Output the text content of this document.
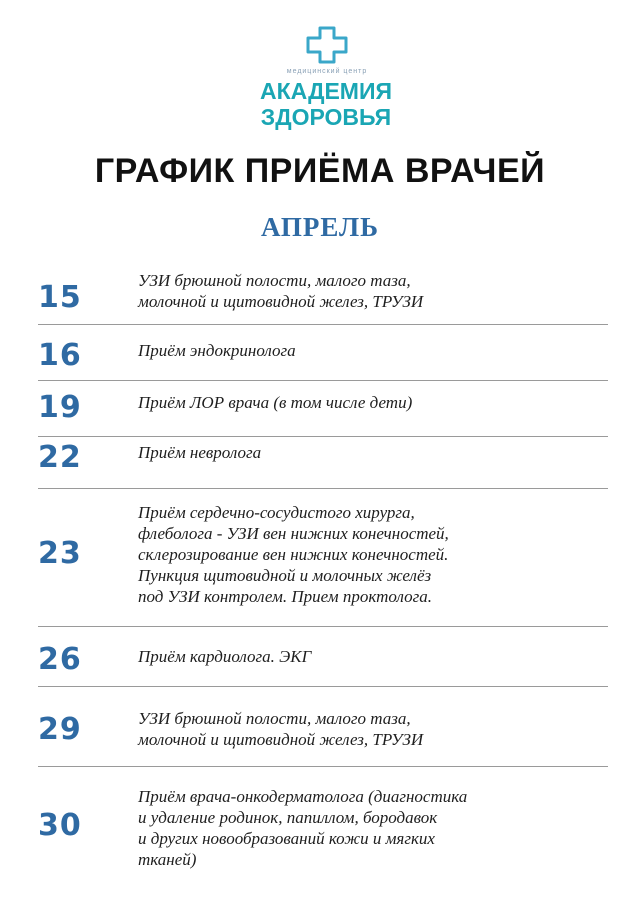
медицинский центр
АКАДЕМИЯ
ЗДОРОВЬЯ
ГРАФИК ПРИЁМА ВРАЧЕЙ
АПРЕЛЬ
15	УЗИ брюшной полости, малого таза,
молочной и щитовидной желез, ТРУЗИ
16	Приём эндокринолога
19	Приём ЛОР врача (в том числе дети)
22	Приём невролога
23
Приём сердечно-сосудистого хирурга,
флеболога - УЗИ вен нижних конечностей,
склерозирование вен нижних конечностей.
Пункция щитовидной и молочных желёз
под УЗИ контролем. Прием проктолога.
26	Приём кардиолога. ЭКГ
29	УЗИ брюшной полости, малого таза,
молочной и щитовидной желез, ТРУЗИ
30
Приём врача-онкодерматолога (диагностика
и удаление родинок, папиллом, бородавок
и других новообразований кожи и мягких
тканей)
